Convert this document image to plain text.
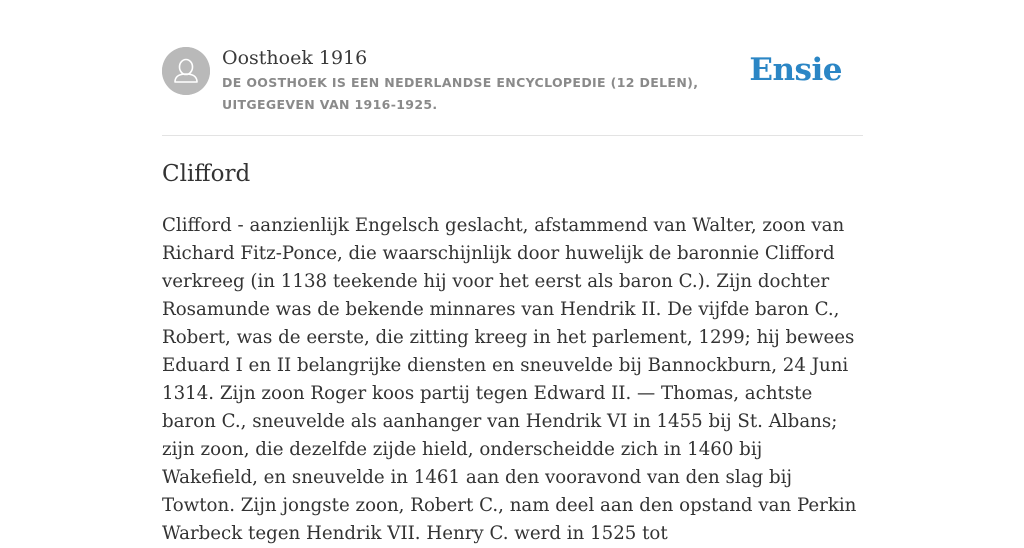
Oosthoek 1916
DE OOSTHOEK IS EEN NEDERLANDSE ENCYCLOPEDIE (12 DELEN), UITGEGEVEN VAN 1916-1925.
Ensie
Clifford

Clifford - aanzienlijk Engelsch geslacht, afstammend van Walter, zoon van Richard Fitz-Ponce, die waarschijnlijk door huwelijk de baronnie Clifford verkreeg (in 1138 teekende hij voor het eerst als baron C.). Zijn dochter Rosamunde was de bekende minnares van Hendrik II. De vijfde baron C., Robert, was de eerste, die zitting kreeg in het parlement, 1299; hij bewees Eduard I en II belangrijke diensten en sneuvelde bij Bannockburn, 24 Juni 1314. Zijn zoon Roger koos partij tegen Edward II. — Thomas, achtste baron C., sneuvelde als aanhanger van Hendrik VI in 1455 bij St. Albans; zijn zoon, die dezelfde zijde hield, onderscheidde zich in 1460 bij Wakefield, en sneuvelde in 1461 aan den vooravond van den slag bij Towton. Zijn jongste zoon, Robert C., nam deel aan den opstand van Perkin Warbeck tegen Hendrik VII. Henry C. werd in 1525 tot
